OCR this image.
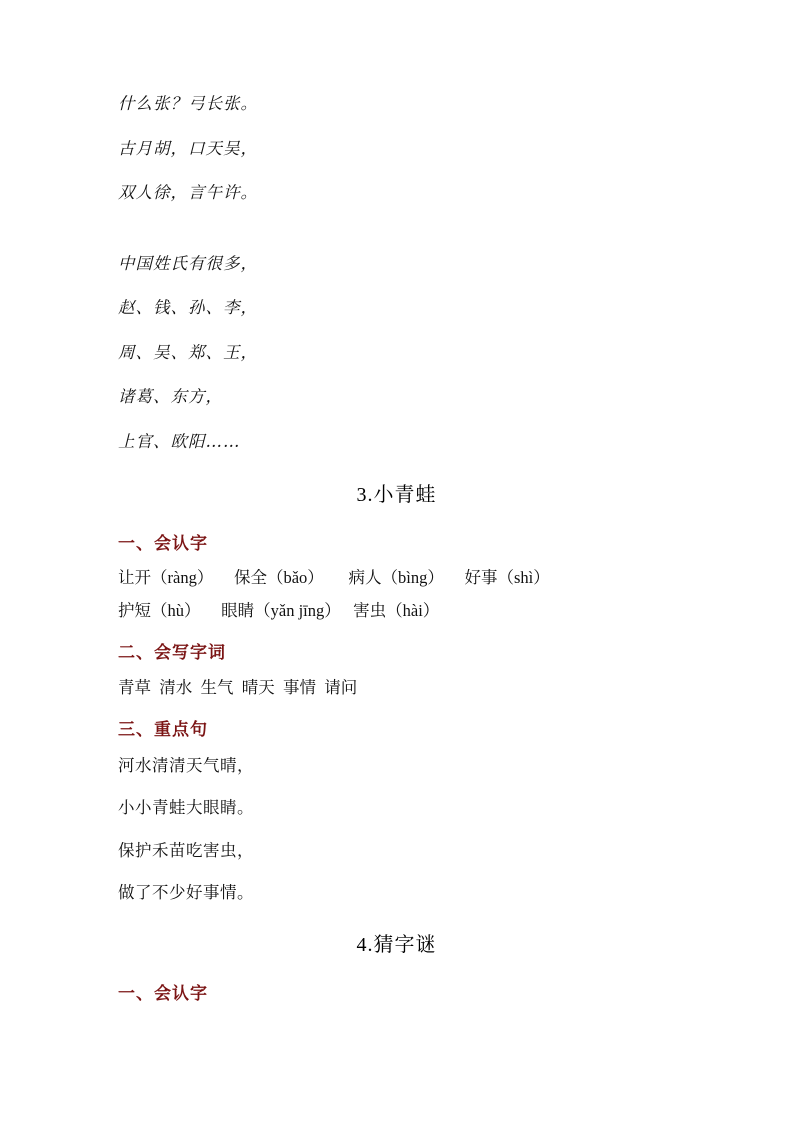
什么张？弓长张。
古月胡，口天吴，
双人徐，言午许。
中国姓氏有很多，
赵、钱、孙、李，
周、吴、郑、王，
诸葛、东方，
上官、欧阳……
3.小青蛙
一、会认字
让开（ràng）     保全（bǎo）      病人（bìng）     好事（shì）
护短（hù）     眼睛（yǎn jīng）   害虫（hài）
二、会写字词
青草  清水  生气  晴天  事情  请问
三、重点句
河水清清天气晴，
小小青蛙大眼睛。
保护禾苗吃害虫，
做了不少好事情。
4.猜字谜
一、会认字
